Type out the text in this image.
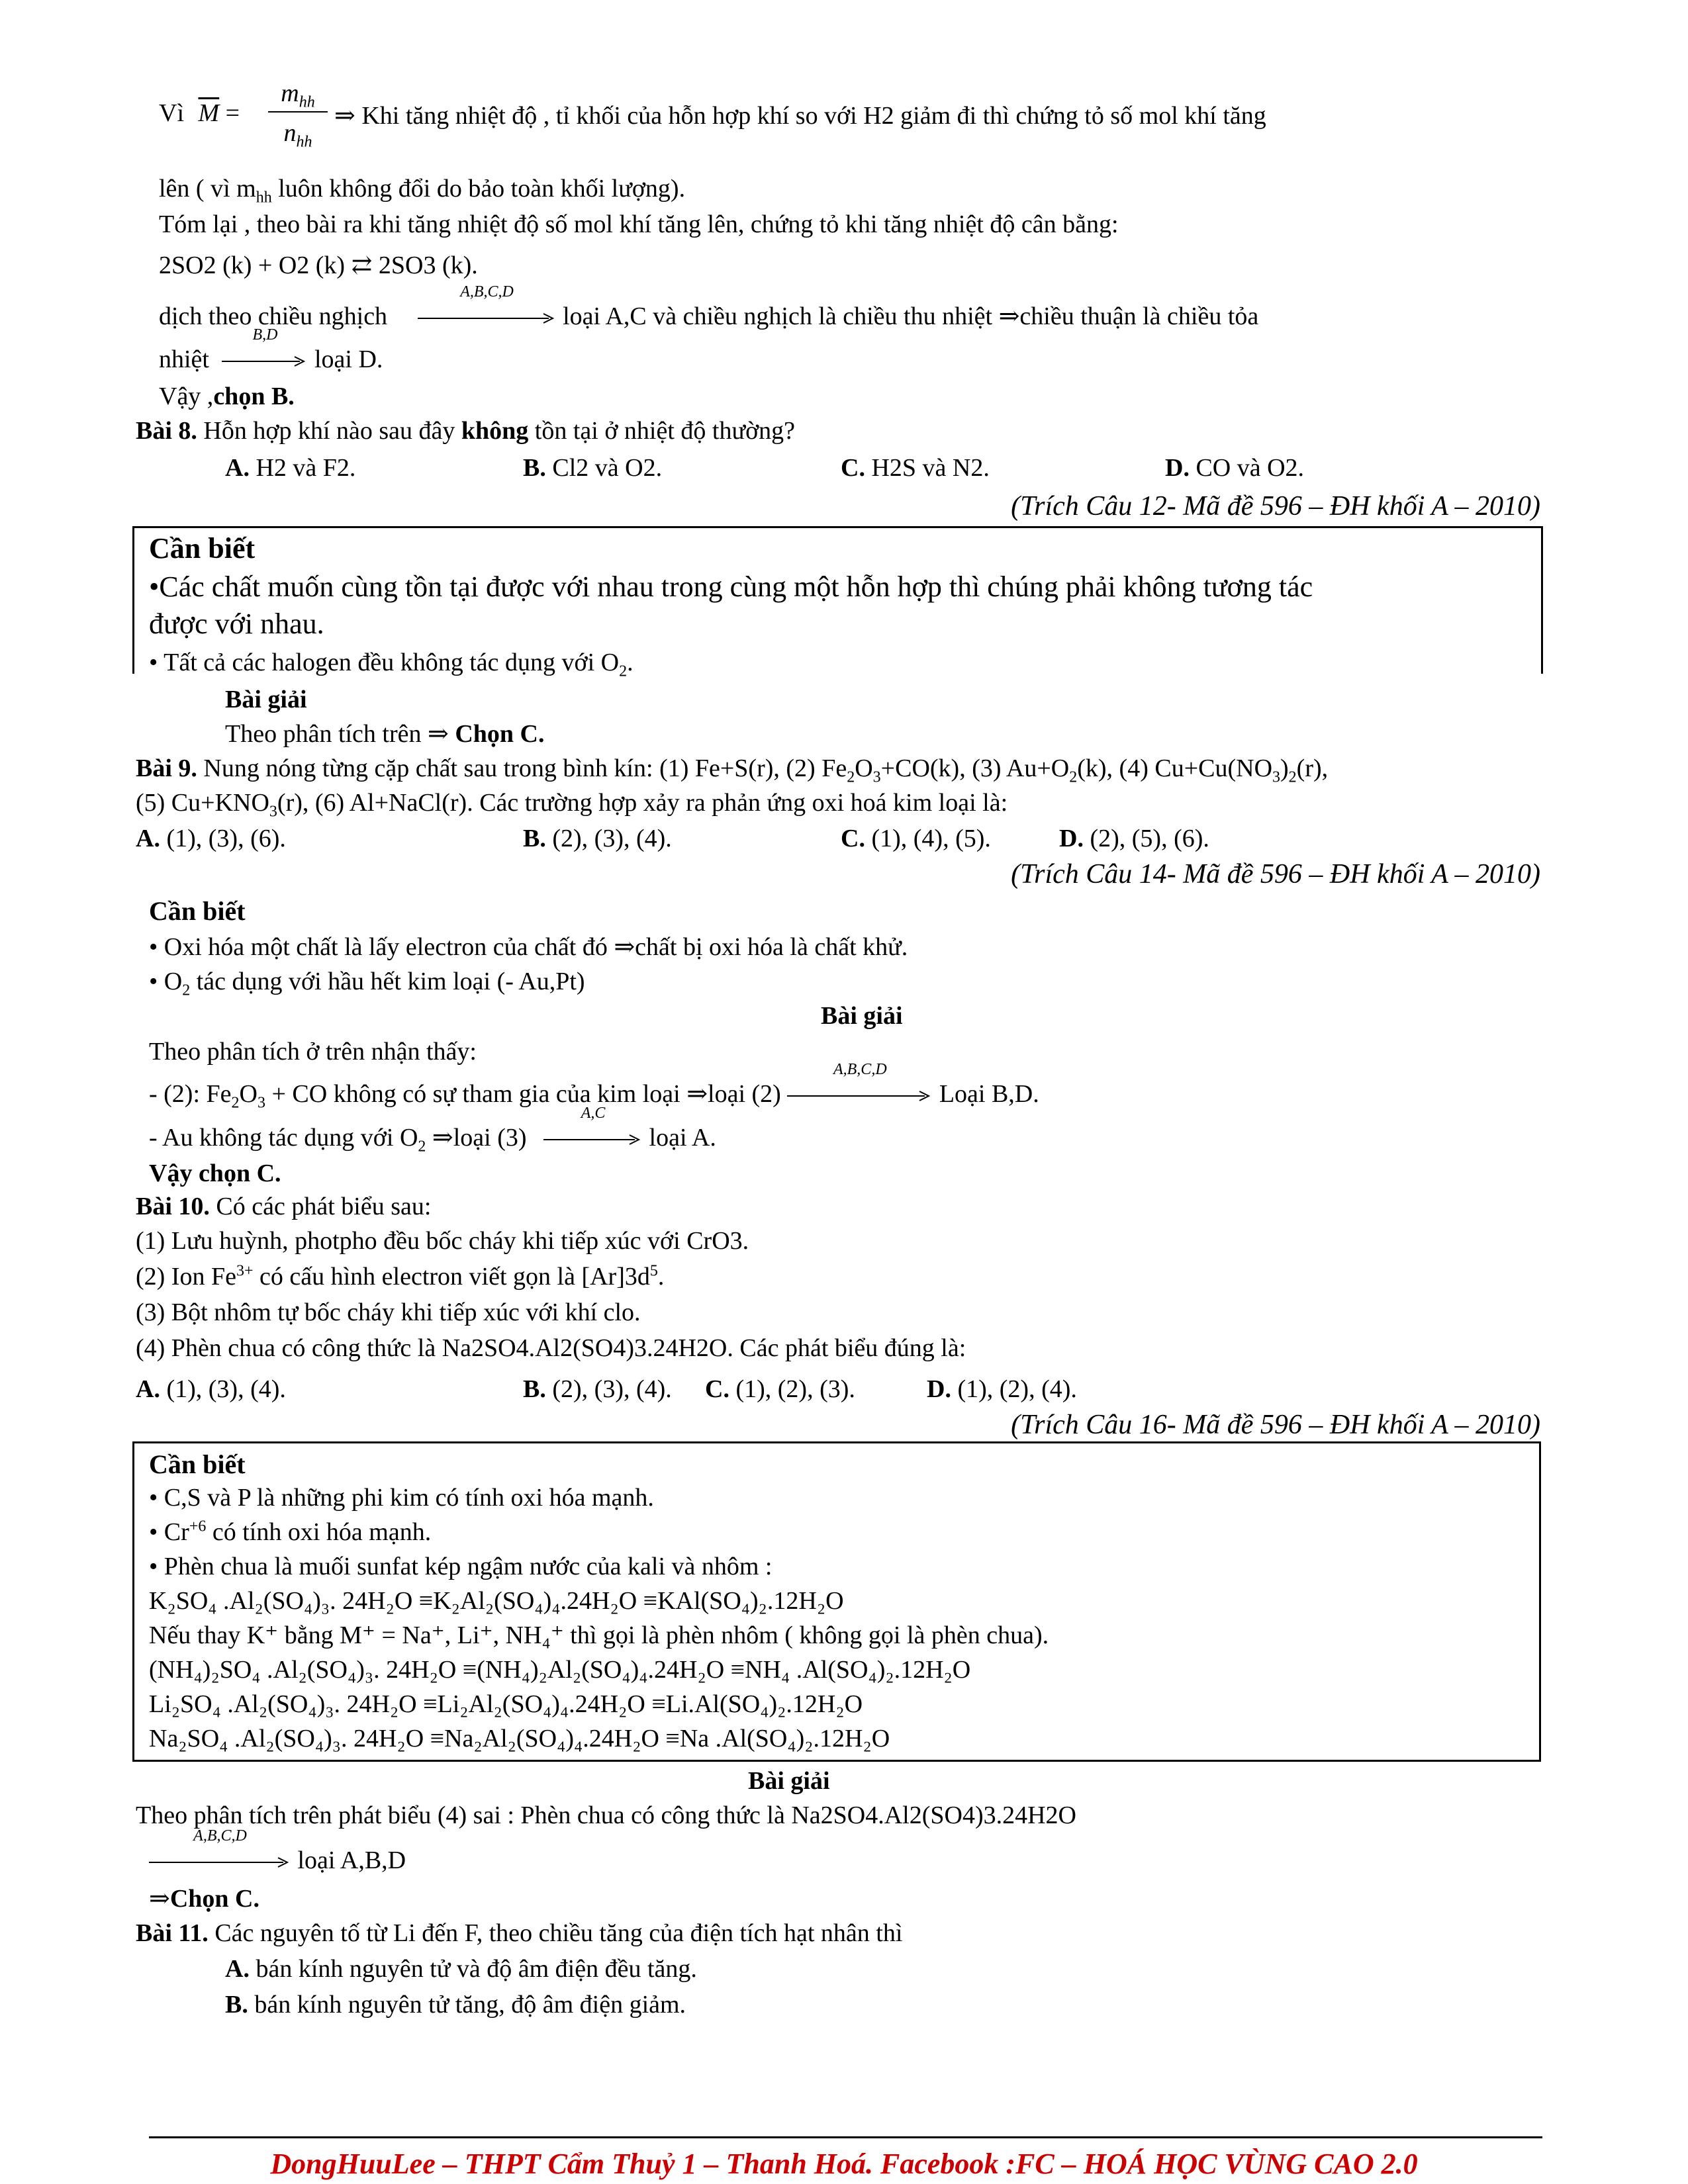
Vì $\overline{M}$ =
$m_{hh}$
$n_{hh}$
⇒ Khi tăng nhiệt độ , tỉ khối của hỗn hợp khí so với H2 giảm đi thì chứng tỏ số mol khí tăng
lên ( vì $m_{hh}$ luôn không đổi do bảo toàn khối lượng).
Tóm lại , theo bài ra khi tăng nhiệt độ số mol khí tăng lên, chứng tỏ khi tăng nhiệt độ cân bằng:
2SO2 (k) + O2 (k) ⇄ 2SO3 (k).
dịch theo chiều nghịch
A,B,C,D
loại A,C và chiều nghịch là chiều thu nhiệt ⇒chiều thuận là chiều tỏa
nhiệt
B,D
loại D.
Vậy ,chọn B.
Bài 8. Hỗn hợp khí nào sau đây không tồn tại ở nhiệt độ thường?
A. H2 và F2.	B. Cl2 và O2.	C. H2S và N2.	D. CO và O2.
(Trích Câu 12- Mã đề 596 – ĐH khối A – 2010)
Cần biết
•Các chất muốn cùng tồn tại được với nhau trong cùng một hỗn hợp thì chúng phải không tương tác
được với nhau.
• Tất cả các halogen đều không tác dụng với $O_2$.
Bài giải
Theo phân tích trên ⇒ Chọn C.
Bài 9. Nung nóng từng cặp chất sau trong bình kín: (1) Fe+S(r), (2) $Fe_2O_3+CO(k)$, (3) $Au+O_2(k)$, (4) $Cu+Cu(NO_3)_2(r)$,
(5) $Cu+KNO_3(r)$, (6) Al+NaCl(r). Các trường hợp xảy ra phản ứng oxi hoá kim loại là:
A. (1), (3), (6).	B. (2), (3), (4).	C. (1), (4), (5).	D. (2), (5), (6).
(Trích Câu 14- Mã đề 596 – ĐH khối A – 2010)
Cần biết
• Oxi hóa một chất là lấy electron của chất đó ⇒chất bị oxi hóa là chất khử.
• $O_2$ tác dụng với hầu hết kim loại (- Au,Pt)
Bài giải
Theo phân tích ở trên nhận thấy:
- (2): $Fe_2O_3$ + CO không có sự tham gia của kim loại ⇒loại (2)
A,B,C,D
Loại B,D.
- Au không tác dụng với $O_2$ ⇒loại (3)
A,C
loại A.
Vậy chọn C.
Bài 10. Có các phát biểu sau:
(1) Lưu huỳnh, photpho đều bốc cháy khi tiếp xúc với CrO3.
(2) Ion $Fe^{3+}$ có cấu hình electron viết gọn là $[Ar]3d^5$.
(3) Bột nhôm tự bốc cháy khi tiếp xúc với khí clo.
(4) Phèn chua có công thức là Na2SO4.Al2(SO4)3.24H2O. Các phát biểu đúng là:
A. (1), (3), (4).	B. (2), (3), (4). C. (1), (2), (3).	D. (1), (2), (4).
(Trích Câu 16- Mã đề 596 – ĐH khối A – 2010)
Cần biết
• C,S và P là những phi kim có tính oxi hóa mạnh.
• $Cr^{+6}$ có tính oxi hóa mạnh.
• Phèn chua là muối sunfat kép ngậm nước của kali và nhôm :
K₂SO₄ .Al₂(SO₄)₃. 24H₂O ≡K₂Al₂(SO₄)₄.24H₂O ≡KAl(SO₄)₂.12H₂O
Nếu thay K⁺ bằng M⁺ = Na⁺, Li⁺, NH₄⁺ thì gọi là phèn nhôm ( không gọi là phèn chua).
(NH₄)₂SO₄ .Al₂(SO₄)₃. 24H₂O ≡(NH₄)₂Al₂(SO₄)₄.24H₂O ≡NH₄ .Al(SO₄)₂.12H₂O
Li₂SO₄ .Al₂(SO₄)₃. 24H₂O ≡Li₂Al₂(SO₄)₄.24H₂O ≡Li.Al(SO₄)₂.12H₂O
Na₂SO₄ .Al₂(SO₄)₃. 24H₂O ≡Na₂Al₂(SO₄)₄.24H₂O ≡Na .Al(SO₄)₂.12H₂O
Bài giải
Theo phân tích trên phát biểu (4) sai : Phèn chua có công thức là Na2SO4.Al2(SO4)3.24H2O
A,B,C,D
loại A,B,D
⇒Chọn C.
Bài 11. Các nguyên tố từ Li đến F, theo chiều tăng của điện tích hạt nhân thì
A. bán kính nguyên tử và độ âm điện đều tăng.
B. bán kính nguyên tử tăng, độ âm điện giảm.
DongHuuLee – THPT Cẩm Thuỷ 1 – Thanh Hoá. Facebook :FC – HOÁ HỌC VÙNG CAO 2.0
